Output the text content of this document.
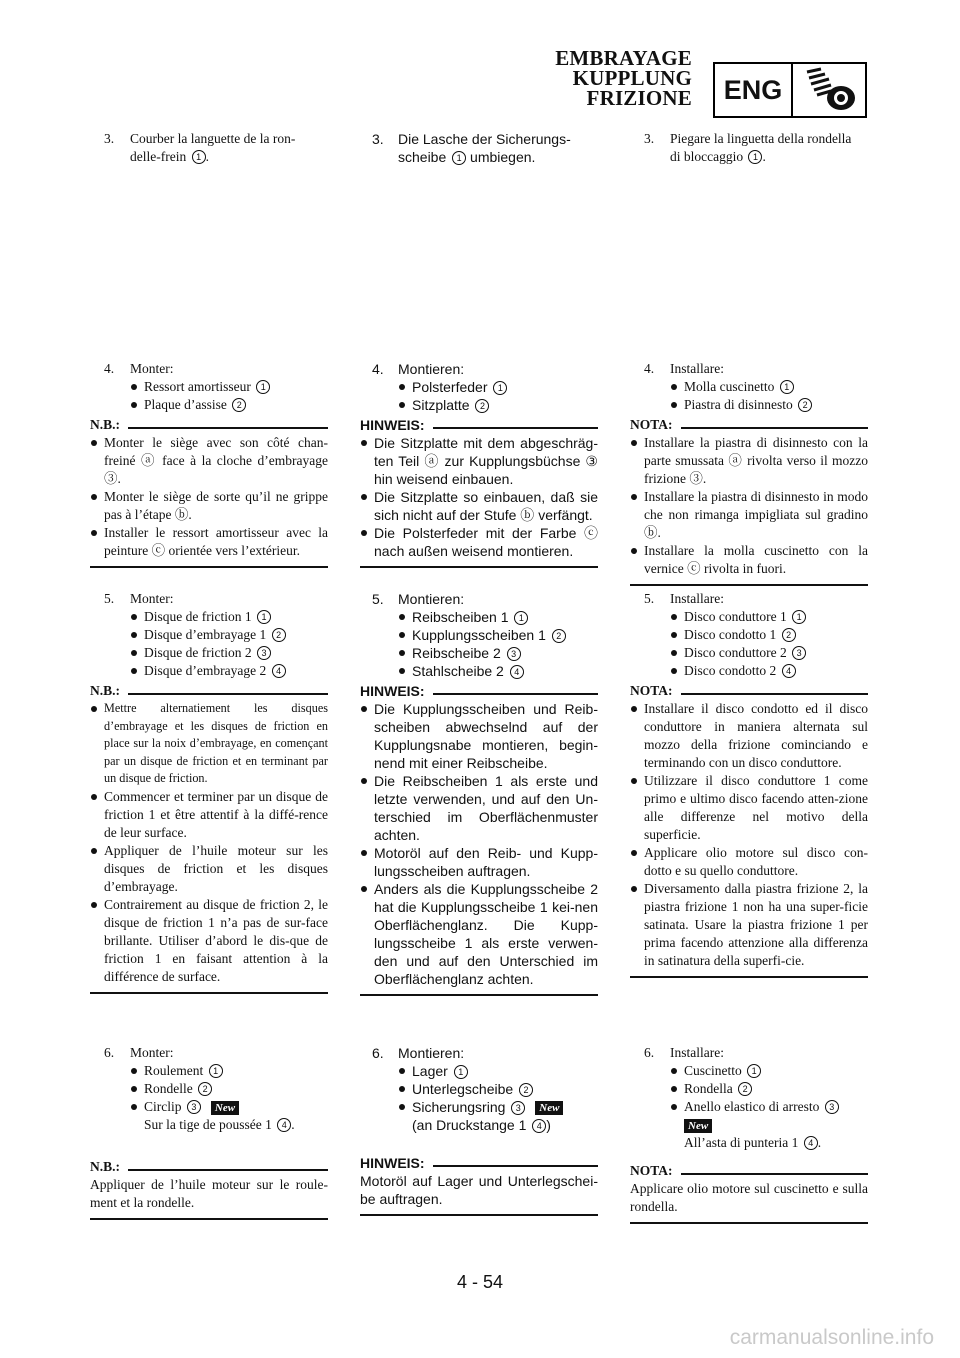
EMBRAYAGE
KUPPLUNG
FRIZIONE	ENG
3. Courber la languette de la ron-
delle-frein 1 .
4. Monter:
Ressort amortisseur 1
Plaque d’assise 2
N.B.:
Monter le siège avec son côté chan-freiné ⓐ face à la cloche d’embrayage ③.
Monter le siège de sorte qu’il ne grippe pas à l’étape ⓑ.
Installer le ressort amortisseur avec la peinture ⓒ orientée vers l’extérieur.
5. Monter:
Disque de friction 1 1
Disque d’embrayage 1 2
Disque de friction 2 3
Disque d’embrayage 2 4
N.B.:
Mettre alternatiement les disques d’embrayage et les disques de friction en place sur la noix d’embrayage, en començant par un disque de friction et en terminant par un disque de friction.
Commencer et terminer par un disque de friction 1 et être attentif à la diffé-rence de leur surface.
Appliquer de l’huile moteur sur les disques de friction et les disques d’embrayage.
Contrairement au disque de friction 2, le disque de friction 1 n’a pas de sur-face brillante. Utiliser d’abord le dis-que de friction 1 en faisant attention à la différence de surface.
6. Monter:
Roulement 1
Rondelle 2
Circlip 3 New
Sur la tige de poussée 1 4 .
N.B.:
Appliquer de l’huile moteur sur le roule-ment et la rondelle.
3. Die Lasche der Sicherungs-
scheibe 1 umbiegen.
4. Montieren:
Polsterfeder 1
Sitzplatte 2
HINWEIS:
Die Sitzplatte mit dem abgeschräg-ten Teil ⓐ zur Kupplungsbüchse ③ hin weisend einbauen.
Die Sitzplatte so einbauen, daß sie sich nicht auf der Stufe ⓑ verfängt.
Die Polsterfeder mit der Farbe ⓒ nach außen weisend montieren.
5. Montieren:
Reibscheiben 1 1
Kupplungsscheiben 1 2
Reibscheibe 2 3
Stahlscheibe 2 4
HINWEIS:
Die Kupplungsscheiben und Reib-scheiben abwechselnd auf der Kupplungsnabe montieren, begin-nend mit einer Reibscheibe.
Die Reibscheiben 1 als erste und letzte verwenden, und auf den Un-terschied im Oberflächenmuster achten.
Motoröl auf den Reib- und Kupp-lungsscheiben auftragen.
Anders als die Kupplungsscheibe 2 hat die Kupplungsscheibe 1 kei-nen Oberflächenglanz. Die Kupp-lungsscheibe 1 als erste verwen-den und auf den Unterschied im Oberflächenglanz achten.
6. Montieren:
Lager 1
Unterlegscheibe 2
Sicherungsring 3 New
(an Druckstange 1 4 )
HINWEIS:
Motoröl auf Lager und Unterlegschei-be auftragen.
3. Piegare la linguetta della rondella
di bloccaggio 1 .
4. Installare:
Molla cuscinetto 1
Piastra di disinnesto 2
NOTA:
Installare la piastra di disinnesto con la parte smussata ⓐ rivolta verso il mozzo frizione ③.
Installare la piastra di disinnesto in modo che non rimanga impigliata sul gradino ⓑ.
Installare la molla cuscinetto con la vernice ⓒ rivolta in fuori.
5. Installare:
Disco conduttore 1 1
Disco condotto 1 2
Disco conduttore 2 3
Disco condotto 2 4
NOTA:
Installare il disco condotto ed il disco conduttore in maniera alternata sul mozzo della frizione cominciando e terminando con un disco conduttore.
Utilizzare il disco conduttore 1 come primo e ultimo disco facendo atten-zione alle differenze nel motivo della superficie.
Applicare olio motore sul disco con-dotto e su quello conduttore.
Diversamento dalla piastra frizione 2, la piastra frizione 1 non ha una super-ficie satinata. Usare la piastra frizione 1 per prima facendo attenzione alla differenza in satinatura della superfi-cie.
6. Installare:
Cuscinetto 1
Rondella 2
Anello elastico di arresto 3
New
All’asta di punteria 1 4 .
NOTA:
Applicare olio motore sul cuscinetto e sulla rondella.
4 - 54
carmanualsonline.info
